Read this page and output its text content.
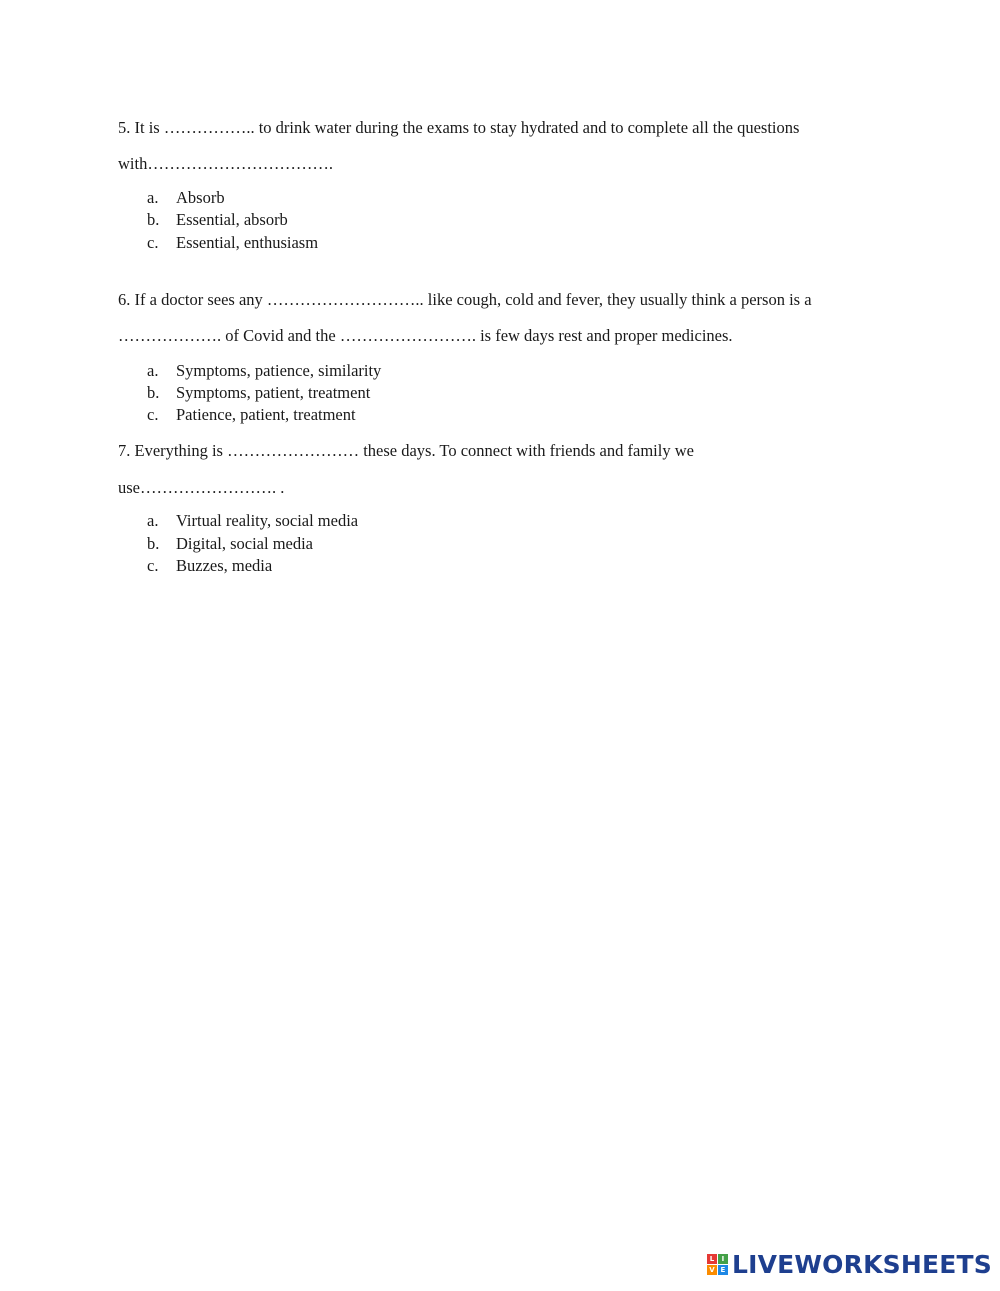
5. It is …………….. to drink water during the exams to stay hydrated and to complete all the questions
with…………………………….
a. Absorb
b. Essential, absorb
c. Essential, enthusiasm
6. If a doctor sees any ……………………….. like cough, cold and fever, they usually think a person is a
………………. of Covid and the ……………………. is few days rest and proper medicines.
a. Symptoms, patience, similarity
b. Symptoms, patient, treatment
c. Patience, patient, treatment
7. Everything is …………………… these days. To connect with friends and family we
use……………………. .
a. Virtual reality, social media
b. Digital, social media
c. Buzzes, media
L	I
V E LIVEWORKSHEETS
